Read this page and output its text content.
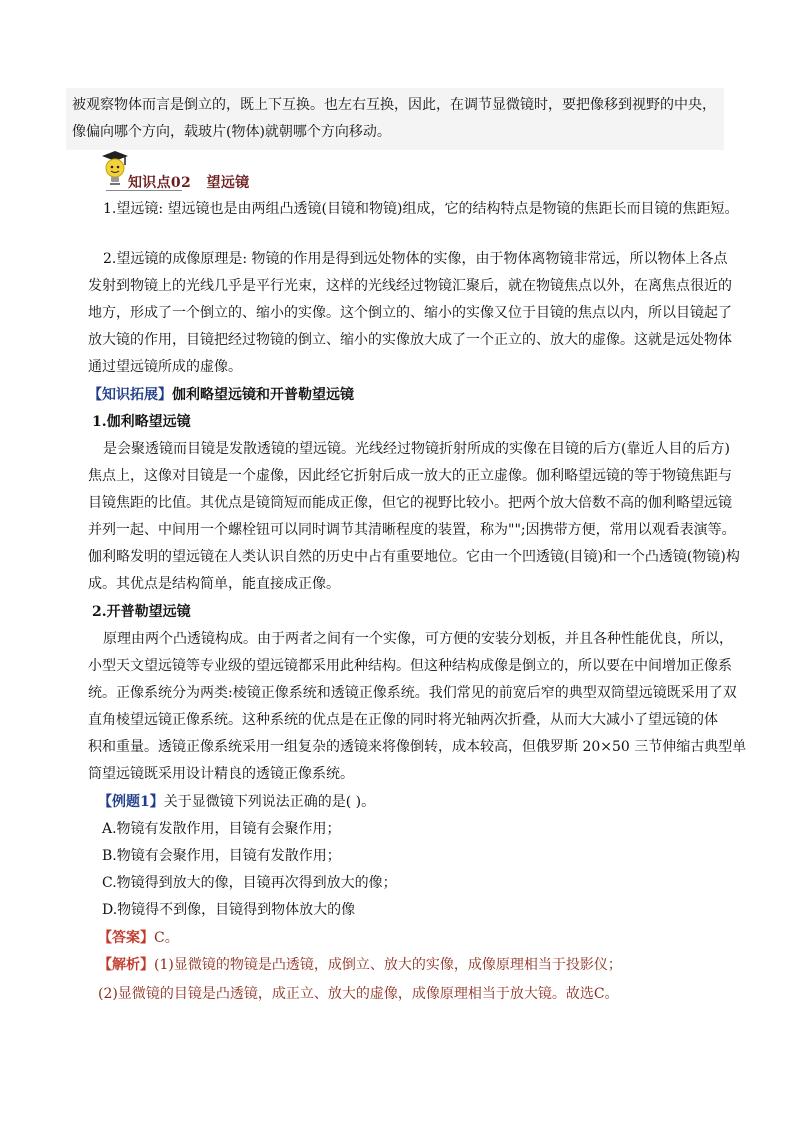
被观察物体而言是倒立的，既上下互换。也左右互换，因此，在调节显微镜时，要把像移到视野的中央，
像偏向哪个方向，载玻片(物体)就朝哪个方向移动。
知识点02 望远镜
1.望远镜: 望远镜也是由两组凸透镜(目镜和物镜)组成，它的结构特点是物镜的焦距长而目镜的焦距短。
2.望远镜的成像原理是: 物镜的作用是得到远处物体的实像，由于物体离物镜非常远，所以物体上各点
发射到物镜上的光线几乎是平行光束，这样的光线经过物镜汇聚后，就在物镜焦点以外，在离焦点很近的
地方，形成了一个倒立的、缩小的实像。这个倒立的、缩小的实像又位于目镜的焦点以内，所以目镜起了
放大镜的作用，目镜把经过物镜的倒立、缩小的实像放大成了一个正立的、放大的虚像。这就是远处物体
通过望远镜所成的虚像。
【知识拓展】伽利略望远镜和开普勒望远镜
1.伽利略望远镜
是会聚透镜而目镜是发散透镜的望远镜。光线经过物镜折射所成的实像在目镜的后方(靠近人目的后方)
焦点上，这像对目镜是一个虚像，因此经它折射后成一放大的正立虚像。伽利略望远镜的等于物镜焦距与
目镜焦距的比值。其优点是镜筒短而能成正像，但它的视野比较小。把两个放大倍数不高的伽利略望远镜
并列一起、中间用一个螺栓钮可以同时调节其清晰程度的装置，称为"";因携带方便，常用以观看表演等。
伽利略发明的望远镜在人类认识自然的历史中占有重要地位。它由一个凹透镜(目镜)和一个凸透镜(物镜)构
成。其优点是结构简单，能直接成正像。
2.开普勒望远镜
原理由两个凸透镜构成。由于两者之间有一个实像，可方便的安装分划板，并且各种性能优良，所以，
小型天文望远镜等专业级的望远镜都采用此种结构。但这种结构成像是倒立的，所以要在中间增加正像系
统。正像系统分为两类:棱镜正像系统和透镜正像系统。我们常见的前宽后窄的典型双筒望远镜既采用了双
直角棱望远镜正像系统。这种系统的优点是在正像的同时将光轴两次折叠，从而大大减小了望远镜的体
积和重量。透镜正像系统采用一组复杂的透镜来将像倒转，成本较高，但俄罗斯 20×50 三节伸缩古典型单
筒望远镜既采用设计精良的透镜正像系统。
【例题1】关于显微镜下列说法正确的是( )。
A.物镜有发散作用，目镜有会聚作用；
B.物镜有会聚作用，目镜有发散作用；
C.物镜得到放大的像，目镜再次得到放大的像；
D.物镜得不到像，目镜得到物体放大的像
【答案】C。
【解析】(1)显微镜的物镜是凸透镜，成倒立、放大的实像，成像原理相当于投影仪；
(2)显微镜的目镜是凸透镜，成正立、放大的虚像，成像原理相当于放大镜。故选C。
